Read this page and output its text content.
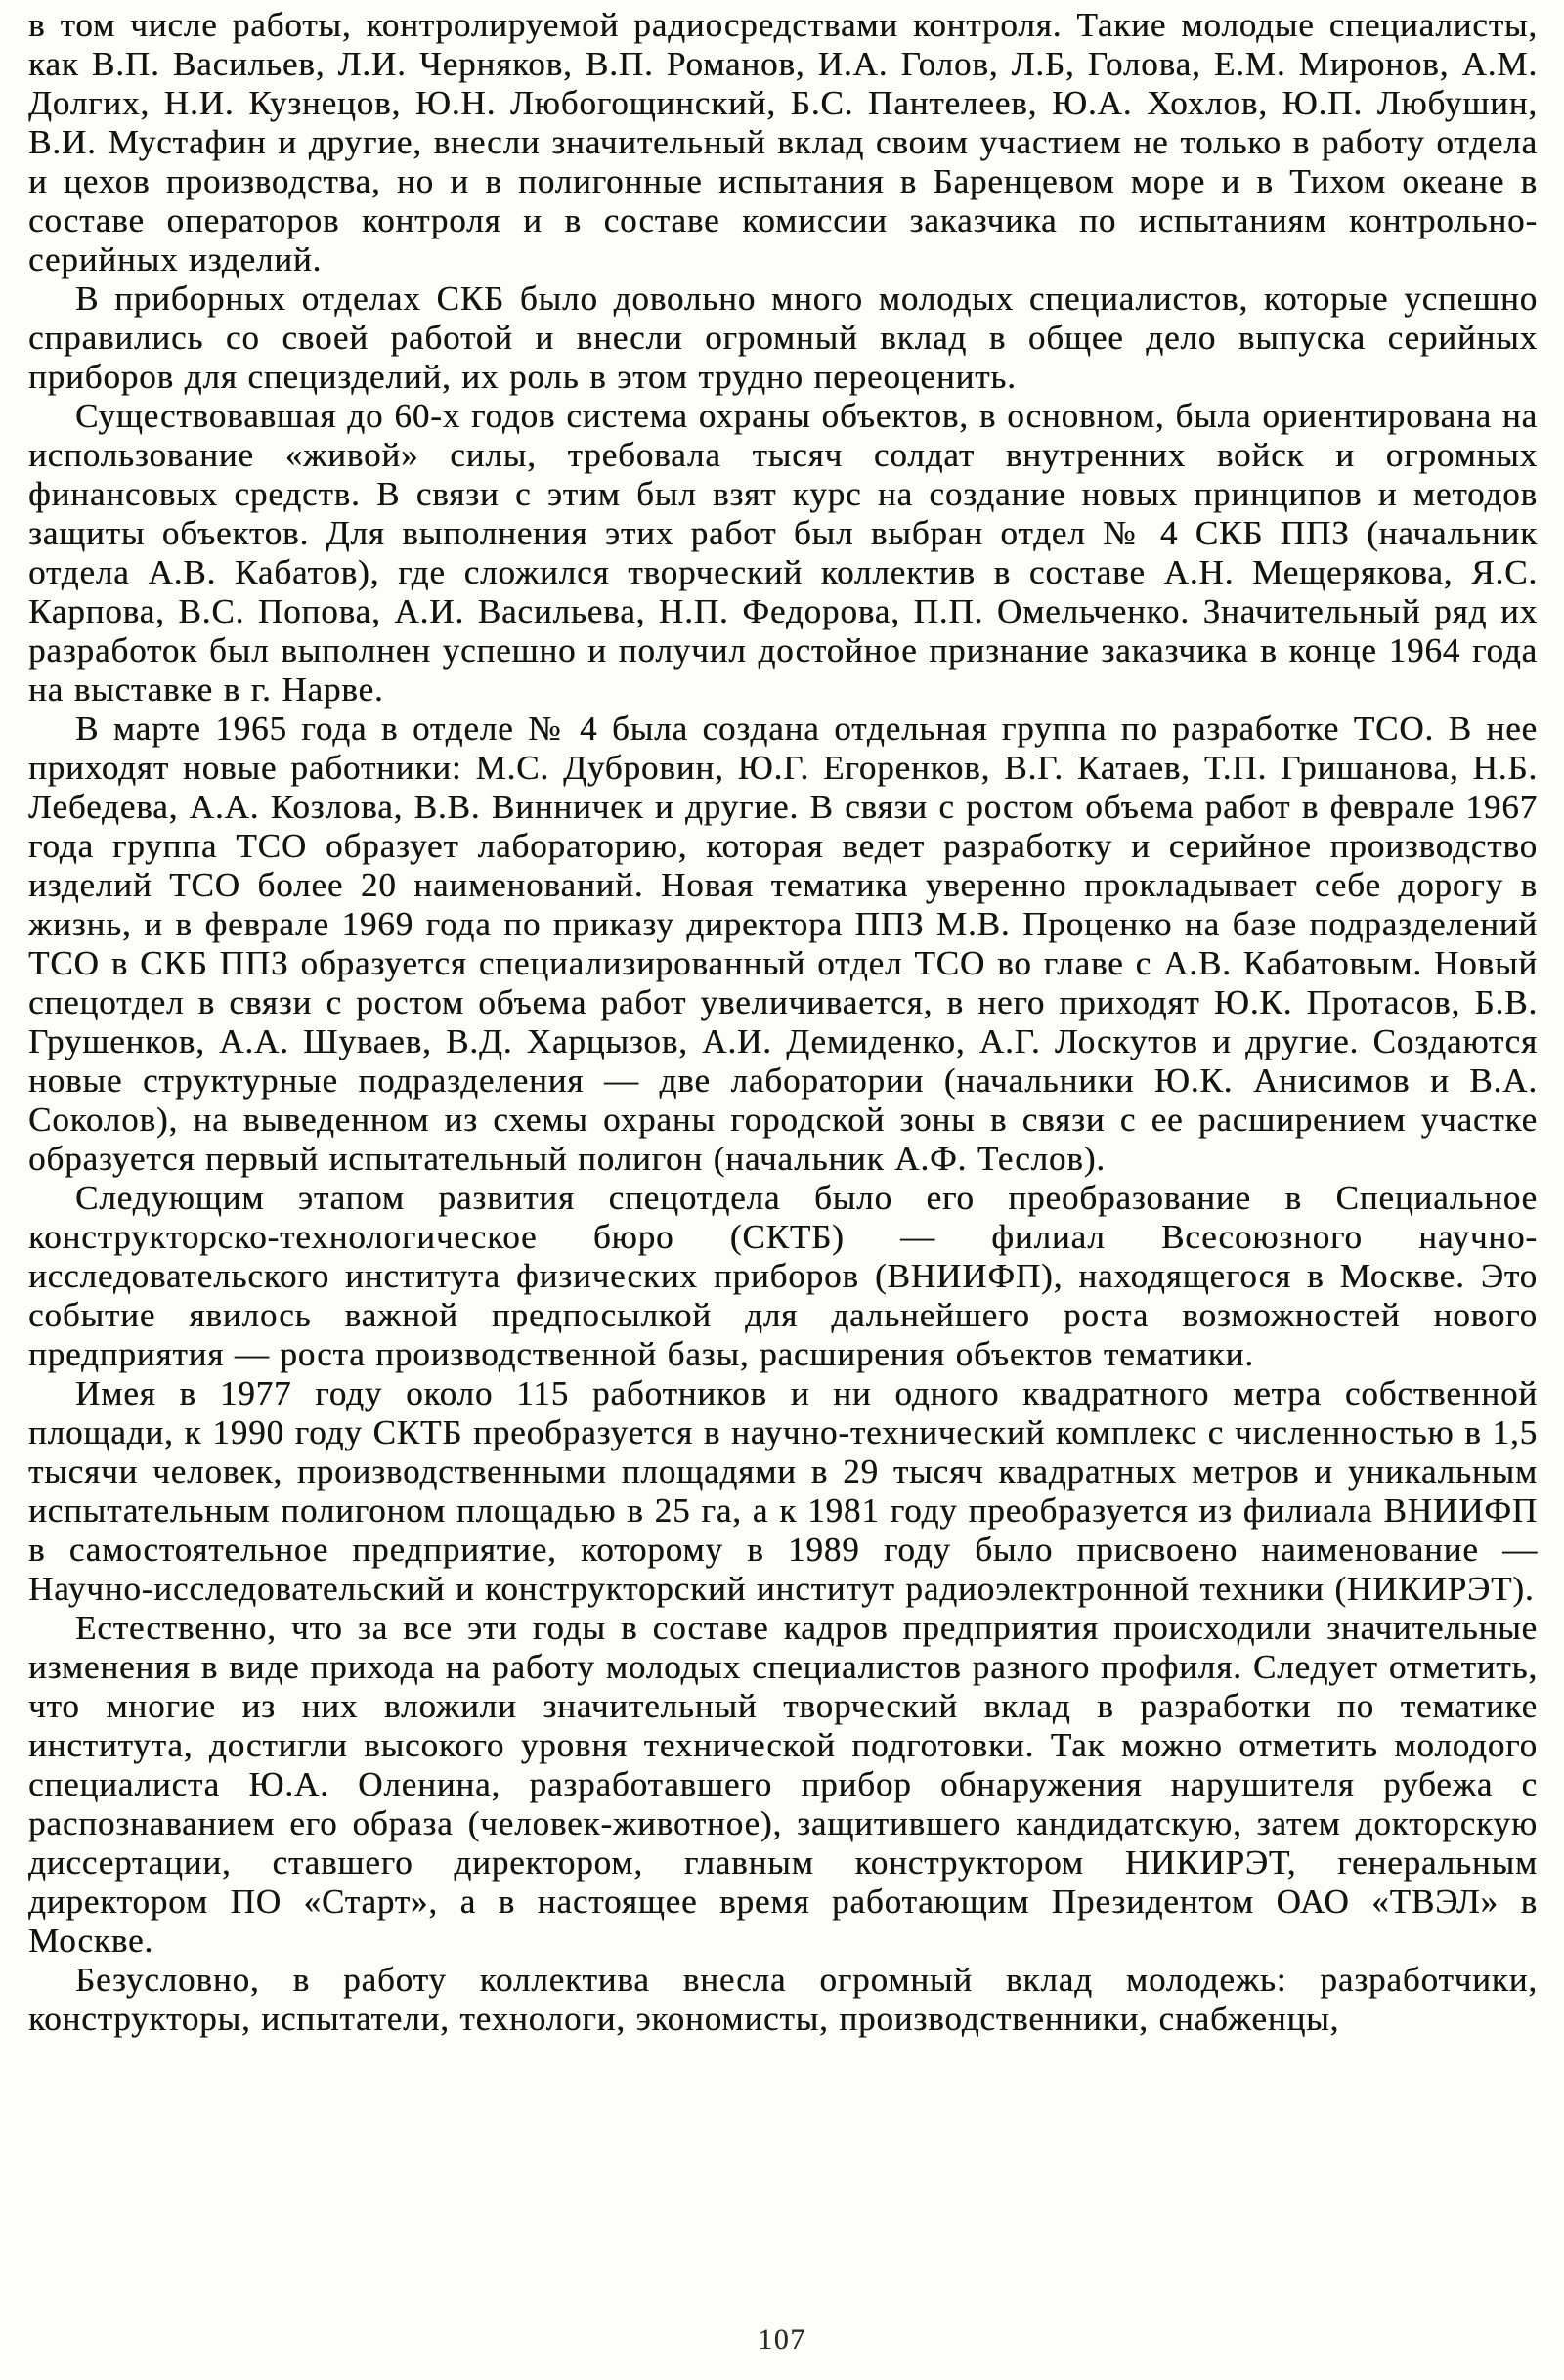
в том числе работы, контролируемой радиосредствами контроля. Такие молодые специалисты, как В.П. Васильев, Л.И. Черняков, В.П. Романов, И.А. Голов, Л.Б, Голова, Е.М. Миронов, А.М. Долгих, Н.И. Кузнецов, Ю.Н. Любогощинский, Б.С. Пантелеев, Ю.А. Хохлов, Ю.П. Любушин, В.И. Мустафин и другие, внесли значительный вклад своим участием не только в работу отдела и цехов производства, но и в полигонные испытания в Баренцевом море и в Тихом океане в составе операторов контроля и в составе комиссии заказчика по испытаниям контрольно-серийных изделий.

В приборных отделах СКБ было довольно много молодых специалистов, которые успешно справились со своей работой и внесли огромный вклад в общее дело выпуска серийных приборов для специзделий, их роль в этом трудно переоценить.

Существовавшая до 60-х годов система охраны объектов, в основном, была ориентирована на использование «живой» силы, требовала тысяч солдат внутренних войск и огромных финансовых средств. В связи с этим был взят курс на создание новых принципов и методов защиты объектов. Для выполнения этих работ был выбран отдел № 4 СКБ ППЗ (начальник отдела А.В. Кабатов), где сложился творческий коллектив в составе А.Н. Мещерякова, Я.С. Карпова, В.С. Попова, А.И. Васильева, Н.П. Федорова, П.П. Омельченко. Значительный ряд их разработок был выполнен успешно и получил достойное признание заказчика в конце 1964 года на выставке в г. Нарве.

В марте 1965 года в отделе № 4 была создана отдельная группа по разработке ТСО. В нее приходят новые работники: М.С. Дубровин, Ю.Г. Егоренков, В.Г. Катаев, Т.П. Гришанова, Н.Б. Лебедева, А.А. Козлова, В.В. Винничек и другие. В связи с ростом объема работ в феврале 1967 года группа ТСО образует лабораторию, которая ведет разработку и серийное производство изделий ТСО более 20 наименований. Новая тематика уверенно прокладывает себе дорогу в жизнь, и в феврале 1969 года по приказу директора ППЗ М.В. Проценко на базе подразделений ТСО в СКБ ППЗ образуется специализированный отдел ТСО во главе с А.В. Кабатовым. Новый спецотдел в связи с ростом объема работ увеличивается, в него приходят Ю.К. Протасов, Б.В. Грушенков, А.А. Шуваев, В.Д. Харцызов, А.И. Демиденко, А.Г. Лоскутов и другие. Создаются новые структурные подразделения — две лаборатории (начальники Ю.К. Анисимов и В.А. Соколов), на выведенном из схемы охраны городской зоны в связи с ее расширением участке образуется первый испытательный полигон (начальник А.Ф. Теслов).

Следующим этапом развития спецотдела было его преобразование в Специальное конструкторско-технологическое бюро (СКТБ) — филиал Всесоюзного научно-исследовательского института физических приборов (ВНИИФП), находящегося в Москве. Это событие явилось важной предпосылкой для дальнейшего роста возможностей нового предприятия — роста производственной базы, расширения объектов тематики.

Имея в 1977 году около 115 работников и ни одного квадратного метра собственной площади, к 1990 году СКТБ преобразуется в научно-технический комплекс с численностью в 1,5 тысячи человек, производственными площадями в 29 тысяч квадратных метров и уникальным испытательным полигоном площадью в 25 га, а к 1981 году преобразуется из филиала ВНИИФП в самостоятельное предприятие, которому в 1989 году было присвоено наименование — Научно-исследовательский и конструкторский институт радиоэлектронной техники (НИКИРЭТ).

Естественно, что за все эти годы в составе кадров предприятия происходили значительные изменения в виде прихода на работу молодых специалистов разного профиля. Следует отметить, что многие из них вложили значительный творческий вклад в разработки по тематике института, достигли высокого уровня технической подготовки. Так можно отметить молодого специалиста Ю.А. Оленина, разработавшего прибор обнаружения нарушителя рубежа с распознаванием его образа (человек-животное), защитившего кандидатскую, затем докторскую диссертации, ставшего директором, главным конструктором НИКИРЭТ, генеральным директором ПО «Старт», а в настоящее время работающим Президентом ОАО «ТВЭЛ» в Москве.

Безусловно, в работу коллектива внесла огромный вклад молодежь: разработчики, конструкторы, испытатели, технологи, экономисты, производственники, снабженцы,

107
